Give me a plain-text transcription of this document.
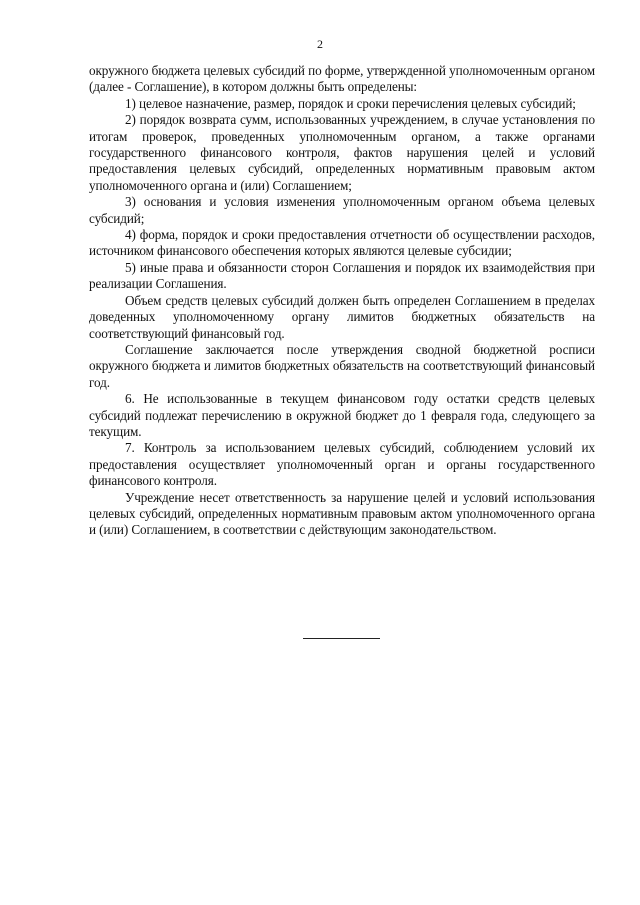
2

окружного бюджета целевых субсидий по форме, утвержденной уполномоченным органом (далее - Соглашение), в котором должны быть определены:

1) целевое назначение, размер, порядок и сроки перечисления целевых субсидий;

2) порядок возврата сумм, использованных учреждением, в случае установления по итогам проверок, проведенных уполномоченным органом, а также органами государственного финансового контроля, фактов нарушения целей и условий предоставления целевых субсидий, определенных нормативным правовым актом уполномоченного органа и (или) Соглашением;

3) основания и условия изменения уполномоченным органом объема целевых субсидий;

4) форма, порядок и сроки предоставления отчетности об осуществлении расходов, источником финансового обеспечения которых являются целевые субсидии;

5) иные права и обязанности сторон Соглашения и порядок их взаимодействия при реализации Соглашения.

Объем средств целевых субсидий должен быть определен Соглашением в пределах доведенных уполномоченному органу лимитов бюджетных обязательств на соответствующий финансовый год.

Соглашение заключается после утверждения сводной бюджетной росписи окружного бюджета и лимитов бюджетных обязательств на соответствующий финансовый год.

6. Не использованные в текущем финансовом году остатки средств целевых субсидий подлежат перечислению в окружной бюджет до 1 февраля года, следующего за текущим.

7. Контроль за использованием целевых субсидий, соблюдением условий их предоставления осуществляет уполномоченный орган и органы государственного финансового контроля.

Учреждение несет ответственность за нарушение целей и условий использования целевых субсидий, определенных нормативным правовым актом уполномоченного органа и (или) Соглашением, в соответствии с действующим законодательством.
